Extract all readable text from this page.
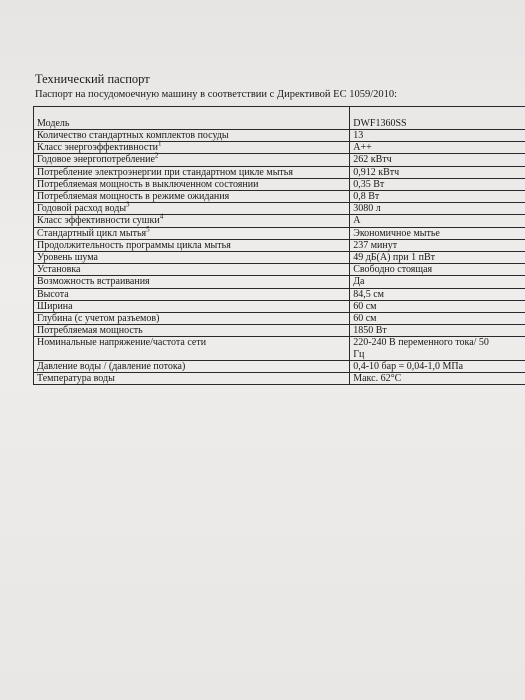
Технический паспорт
Паспорт на посудомоечную машину в соответствии с Директивой ЕС 1059/2010:
Модель	DWF1360SS
Количество стандартных комплектов посуды	13
Класс энергоэффективности$^1$	A++
Годовое энергопотребление$^2$	262 кВтч
Потребление электроэнергии при стандартном цикле мытья	0,912 кВтч
Потребляемая мощность в выключенном состоянии	0,35 Вт
Потребляемая мощность в режиме ожидания	0,8 Вт
Годовой расход воды$^3$	3080 л
Класс эффективности сушки$^4$	A
Стандартный цикл мытья$^5$	Экономичное мытье
Продолжительность программы цикла мытья	237 минут
Уровень шума	49 дБ(А) при 1 пВт
Установка	Свободно стоящая
Возможность встраивания	Да
Высота	84,5 см
Ширина	60 см
Глубина (с учетом разъемов)	60 см
Потребляемая мощность	1850 Вт
Номинальные напряжение/частота сети	220-240 В переменного тока/ 50
Гц
Давление воды / (давление потока)	0,4-10 бар = 0,04-1,0 МПа
Температура воды	Макс. 62°C
